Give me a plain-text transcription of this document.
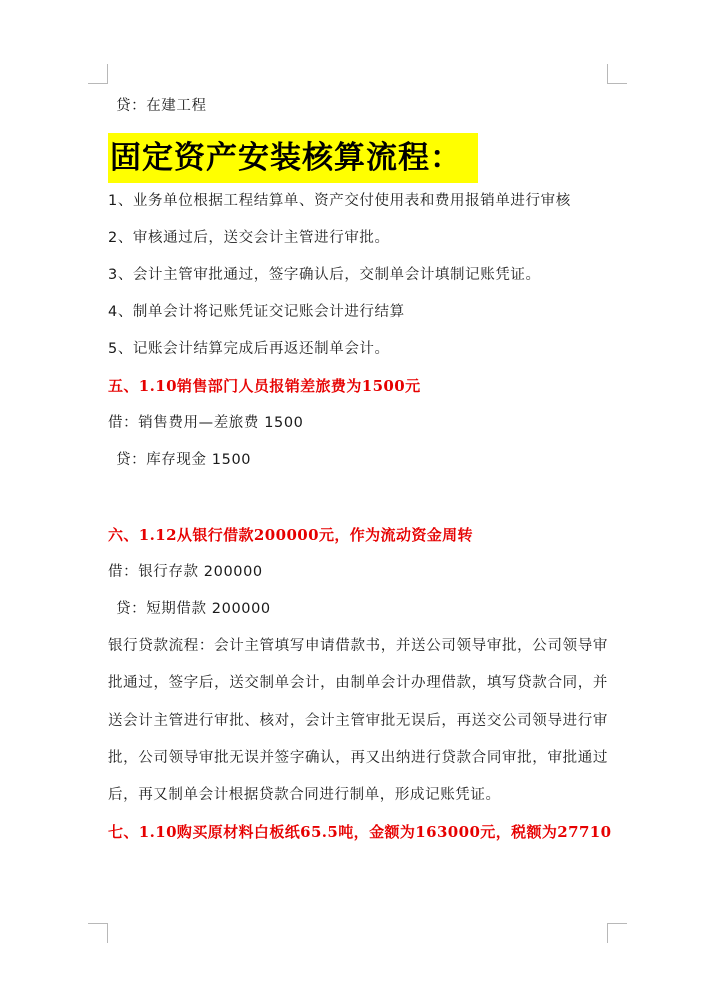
贷：在建工程
固定资产安装核算流程：
1、业务单位根据工程结算单、资产交付使用表和费用报销单进行审核
2、审核通过后，送交会计主管进行审批。
3、会计主管审批通过，签字确认后，交制单会计填制记账凭证。
4、制单会计将记账凭证交记账会计进行结算
5、记账会计结算完成后再返还制单会计。
五、1.10销售部门人员报销差旅费为1500元
借：销售费用—差旅费 1500
贷：库存现金 1500
六、1.12从银行借款200000元，作为流动资金周转
借：银行存款 200000
贷：短期借款 200000
银行贷款流程：会计主管填写申请借款书，并送公司领导审批，公司领导审批通过，签字后，送交制单会计，由制单会计办理借款，填写贷款合同，并送会计主管进行审批、核对，会计主管审批无误后，再送交公司领导进行审批，公司领导审批无误并签字确认，再又出纳进行贷款合同审批，审批通过后，再又制单会计根据贷款合同进行制单，形成记账凭证。
七、1.10购买原材料白板纸65.5吨，金额为163000元，税额为27710
